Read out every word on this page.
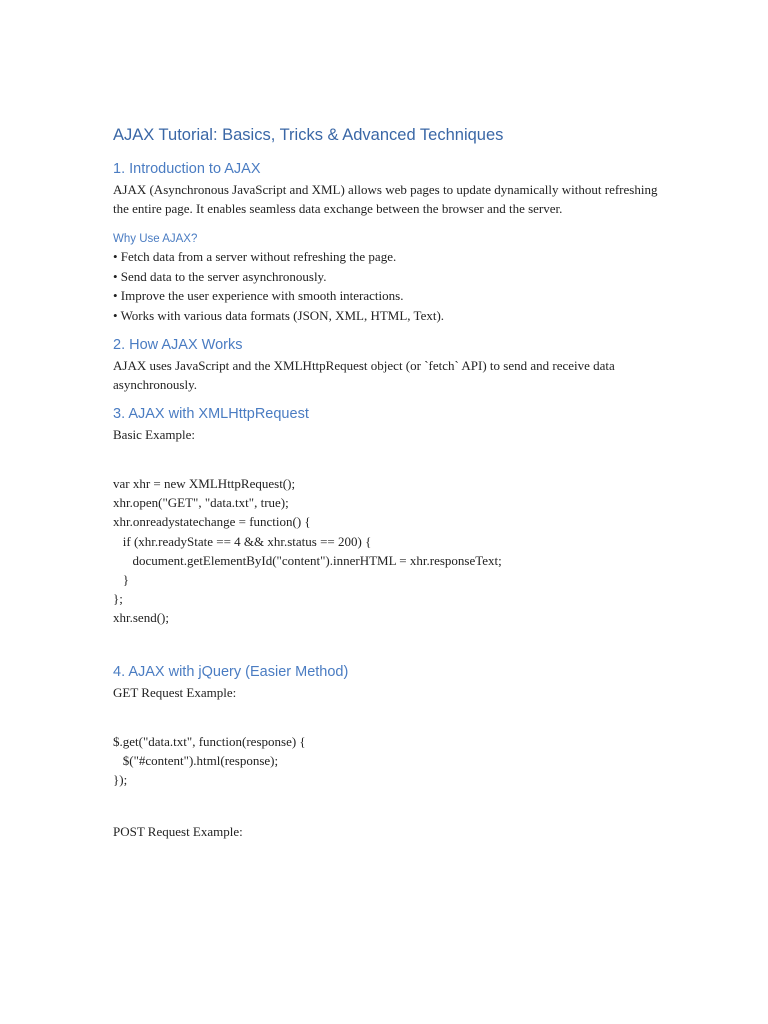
AJAX Tutorial: Basics, Tricks & Advanced Techniques
1. Introduction to AJAX

AJAX (Asynchronous JavaScript and XML) allows web pages to update dynamically without refreshing the entire page. It enables seamless data exchange between the browser and the server.

Why Use AJAX?
• Fetch data from a server without refreshing the page.
• Send data to the server asynchronously.
• Improve the user experience with smooth interactions.
• Works with various data formats (JSON, XML, HTML, Text).
2. How AJAX Works

AJAX uses JavaScript and the XMLHttpRequest object (or `fetch` API) to send and receive data asynchronously.

3. AJAX with XMLHttpRequest

Basic Example:

var xhr = new XMLHttpRequest();
xhr.open("GET", "data.txt", true);
xhr.onreadystatechange = function() {
if (xhr.readyState == 4 && xhr.status == 200) {
document.getElementById("content").innerHTML = xhr.responseText;
}
};
xhr.send();
4. AJAX with jQuery (Easier Method)

GET Request Example:

$.get("data.txt", function(response) {
$("#content").html(response);
});

POST Request Example:
